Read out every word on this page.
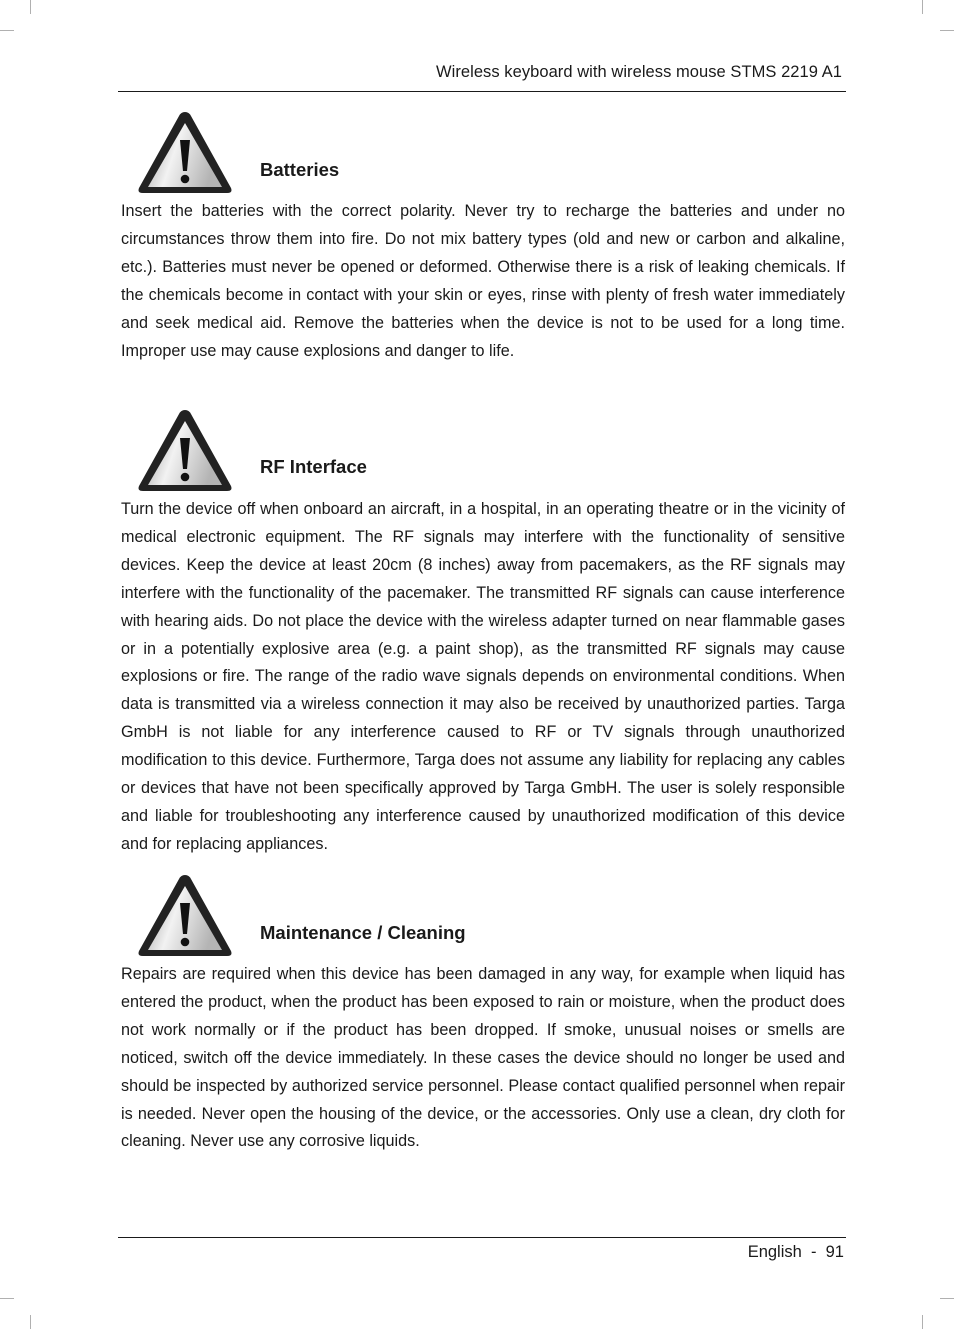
Wireless keyboard with wireless mouse STMS 2219 A1
Batteries

Insert the batteries with the correct polarity. Never try to recharge the batteries and under no circumstances throw them into fire. Do not mix battery types (old and new or carbon and alkaline, etc.). Batteries must never be opened or deformed. Otherwise there is a risk of leaking chemicals. If the chemicals become in contact with your skin or eyes, rinse with plenty of fresh water immediately and seek medical aid. Remove the batteries when the device is not to be used for a long time. Improper use may cause explosions and danger to life.

RF Interface

Turn the device off when onboard an aircraft, in a hospital, in an operating theatre or in the vicinity of medical electronic equipment. The RF signals may interfere with the functionality of sensitive devices. Keep the device at least 20cm (8 inches) away from pacemakers, as the RF signals may interfere with the functionality of the pacemaker. The transmitted RF signals can cause interference with hearing aids. Do not place the device with the wireless adapter turned on near flammable gases or in a potentially explosive area (e.g. a paint shop), as the transmitted RF signals may cause explosions or fire. The range of the radio wave signals depends on environmental conditions. When data is transmitted via a wireless connection it may also be received by unauthorized parties. Targa GmbH is not liable for any interference caused to RF or TV signals through unauthorized modification to this device. Furthermore, Targa does not assume any liability for replacing any cables or devices that have not been specifically approved by Targa GmbH. The user is solely responsible and liable for troubleshooting any interference caused by unauthorized modification of this device and for replacing appliances.

Maintenance / Cleaning

Repairs are required when this device has been damaged in any way, for example when liquid has entered the product, when the product has been exposed to rain or moisture, when the product does not work normally or if the product has been dropped. If smoke, unusual noises or smells are noticed, switch off the device immediately. In these cases the device should no longer be used and should be inspected by authorized service personnel. Please contact qualified personnel when repair is needed. Never open the housing of the device, or the accessories. Only use a clean, dry cloth for cleaning. Never use any corrosive liquids.

English  -  91
